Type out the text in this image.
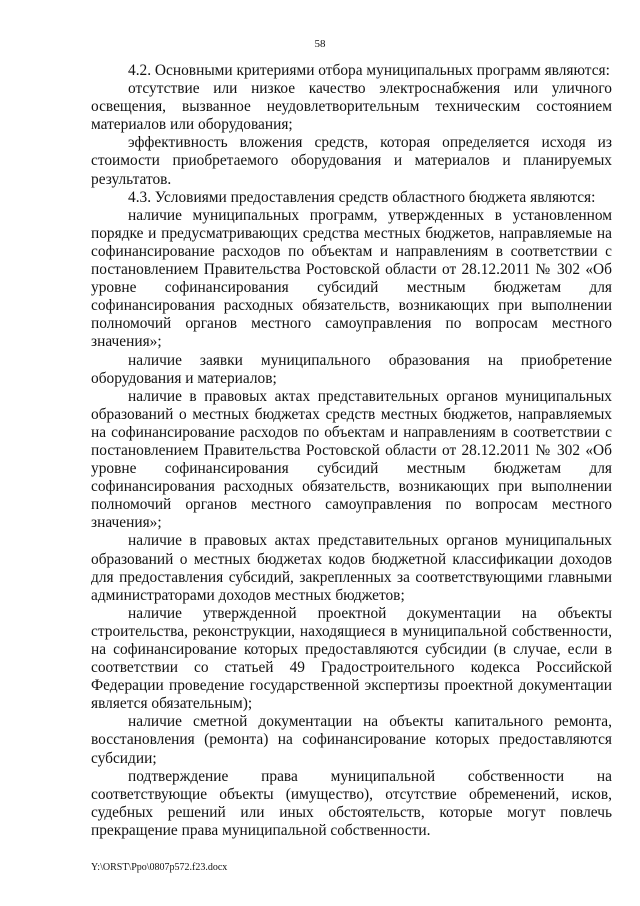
58

4.2. Основными критериями отбора муниципальных программ являются:

отсутствие или низкое качество электроснабжения или уличного освещения, вызванное неудовлетворительным техническим состоянием материалов или оборудования;

эффективность вложения средств, которая определяется исходя из стоимости приобретаемого оборудования и материалов и планируемых результатов.

4.3. Условиями предоставления средств областного бюджета являются:

наличие муниципальных программ, утвержденных в установленном порядке и предусматривающих средства местных бюджетов, направляемые на софинансирование расходов по объектам и направлениям в соответствии с постановлением Правительства Ростовской области от 28.12.2011 № 302 «Об уровне софинансирования субсидий местным бюджетам для софинансирования расходных обязательств, возникающих при выполнении полномочий органов местного самоуправления по вопросам местного значения»;

наличие заявки муниципального образования на приобретение оборудования и материалов;

наличие в правовых актах представительных органов муниципальных образований о местных бюджетах средств местных бюджетов, направляемых на софинансирование расходов по объектам и направлениям в соответствии с постановлением Правительства Ростовской области от 28.12.2011 № 302 «Об уровне софинансирования субсидий местным бюджетам для софинансирования расходных обязательств, возникающих при выполнении полномочий органов местного самоуправления по вопросам местного значения»;

наличие в правовых актах представительных органов муниципальных образований о местных бюджетах кодов бюджетной классификации доходов для предоставления субсидий, закрепленных за соответствующими главными администраторами доходов местных бюджетов;

наличие утвержденной проектной документации на объекты строительства, реконструкции, находящиеся в муниципальной собственности, на софинансирование которых предоставляются субсидии (в случае, если в соответствии со статьей 49 Градостроительного кодекса Российской Федерации проведение государственной экспертизы проектной документации является обязательным);

наличие сметной документации на объекты капитального ремонта, восстановления (ремонта) на софинансирование которых предоставляются субсидии;

подтверждение права муниципальной собственности на соответствующие объекты (имущество), отсутствие обременений, исков, судебных решений или иных обстоятельств, которые могут повлечь прекращение права муниципальной собственности.

Y:\ORST\Ppo\0807p572.f23.docx
